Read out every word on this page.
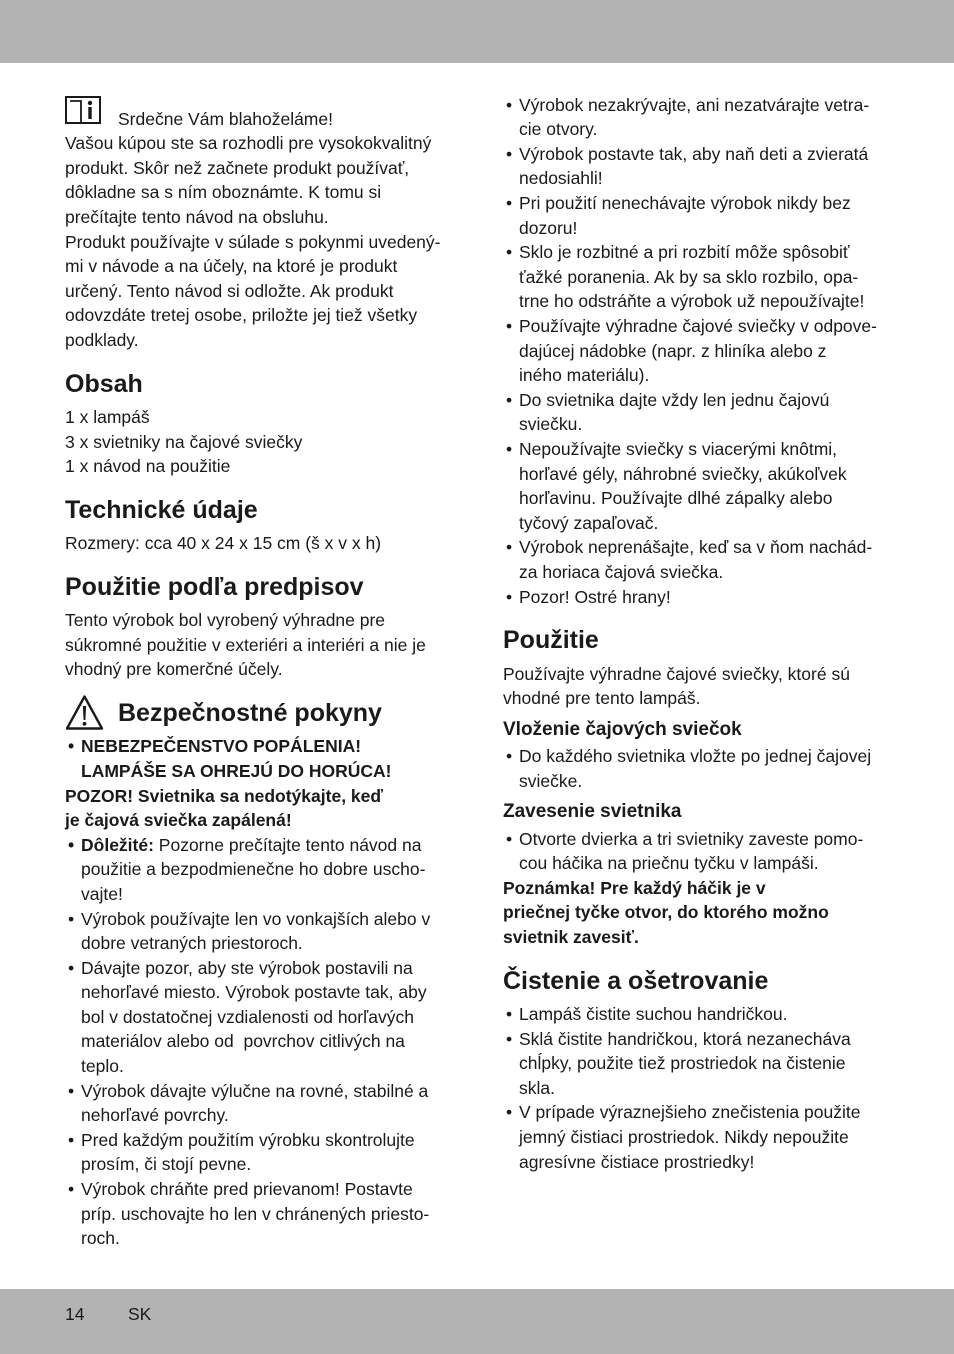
Srdečne Vám blahoželáme!
Vašou kúpou ste sa rozhodli pre vysokokvalitný
produkt. Skôr než začnete produkt používať,
dôkladne sa s ním oboznámte. K tomu si
prečítajte tento návod na obsluhu.
Produkt používajte v súlade s pokynmi uvedený-
mi v návode a na účely, na ktoré je produkt
určený. Tento návod si odložte. Ak produkt
odovzdáte tretej osobe, priložte jej tiež všetky
podklady.
Obsah
1 x lampáš
3 x svietniky na čajové sviečky
1 x návod na použitie
Technické údaje
Rozmery: cca 40 x 24 x 15 cm (š x v x h)
Použitie podľa predpisov
Tento výrobok bol vyrobený výhradne pre
súkromné použitie v exteriéri a interiéri a nie je
vhodný pre komerčné účely.
Bezpečnostné pokyny
• NEBEZPEČENSTVO POPÁLENIA!
LAMPÁŠE SA OHREJÚ DO HORÚCA!
POZOR! Svietnika sa nedotýkajte, keď
je čajová sviečka zapálená!
• Dôležité: Pozorne prečítajte tento návod na
použitie a bezpodmienečne ho dobre uscho-
vajte!
• Výrobok používajte len vo vonkajších alebo v
dobre vetraných priestoroch.
• Dávajte pozor, aby ste výrobok postavili na
nehorľavé miesto. Výrobok postavte tak, aby
bol v dostatočnej vzdialenosti od horľavých
materiálov alebo od  povrchov citlivých na
teplo.
• Výrobok dávajte výlučne na rovné, stabilné a
nehorľavé povrchy.
• Pred každým použitím výrobku skontrolujte
prosím, či stojí pevne.
• Výrobok chráňte pred prievanom! Postavte
príp. uschovajte ho len v chránených priesto-
roch.
• Výrobok nezakrývajte, ani nezatvárajte vetra-
cie otvory.
• Výrobok postavte tak, aby naň deti a zvieratá
nedosiahli!
• Pri použití nenechávajte výrobok nikdy bez
dozoru!
• Sklo je rozbitné a pri rozbití môže spôsobiť
ťažké poranenia. Ak by sa sklo rozbilo, opa-
trne ho odstráňte a výrobok už nepoužívajte!
• Používajte výhradne čajové sviečky v odpove-
dajúcej nádobke (napr. z hliníka alebo z
iného materiálu).
• Do svietnika dajte vždy len jednu čajovú
sviečku.
• Nepoužívajte sviečky s viacerými knôtmi,
horľavé gély, náhrobné sviečky, akúkoľvek
horľavinu. Používajte dlhé zápalky alebo
tyčový zapaľovač.
• Výrobok neprenášajte, keď sa v ňom nachád-
za horiaca čajová sviečka.
• Pozor! Ostré hrany!
Použitie
Používajte výhradne čajové sviečky, ktoré sú
vhodné pre tento lampáš.
Vloženie čajových sviečok
• Do každého svietnika vložte po jednej čajovej
sviečke.
Zavesenie svietnika
• Otvorte dvierka a tri svietniky zaveste pomo-
cou háčika na priečnu tyčku v lampáši.
Poznámka! Pre každý háčik je v
priečnej tyčke otvor, do ktorého možno
svietnik zavesiť.
Čistenie a ošetrovanie
• Lampáš čistite suchou handričkou.
• Sklá čistite handričkou, ktorá nezanecháva
chĺpky, použite tiež prostriedok na čistenie
skla.
• V prípade výraznejšieho znečistenia použite
jemný čistiaci prostriedok. Nikdy nepoužite
agresívne čistiace prostriedky!
14 SK
